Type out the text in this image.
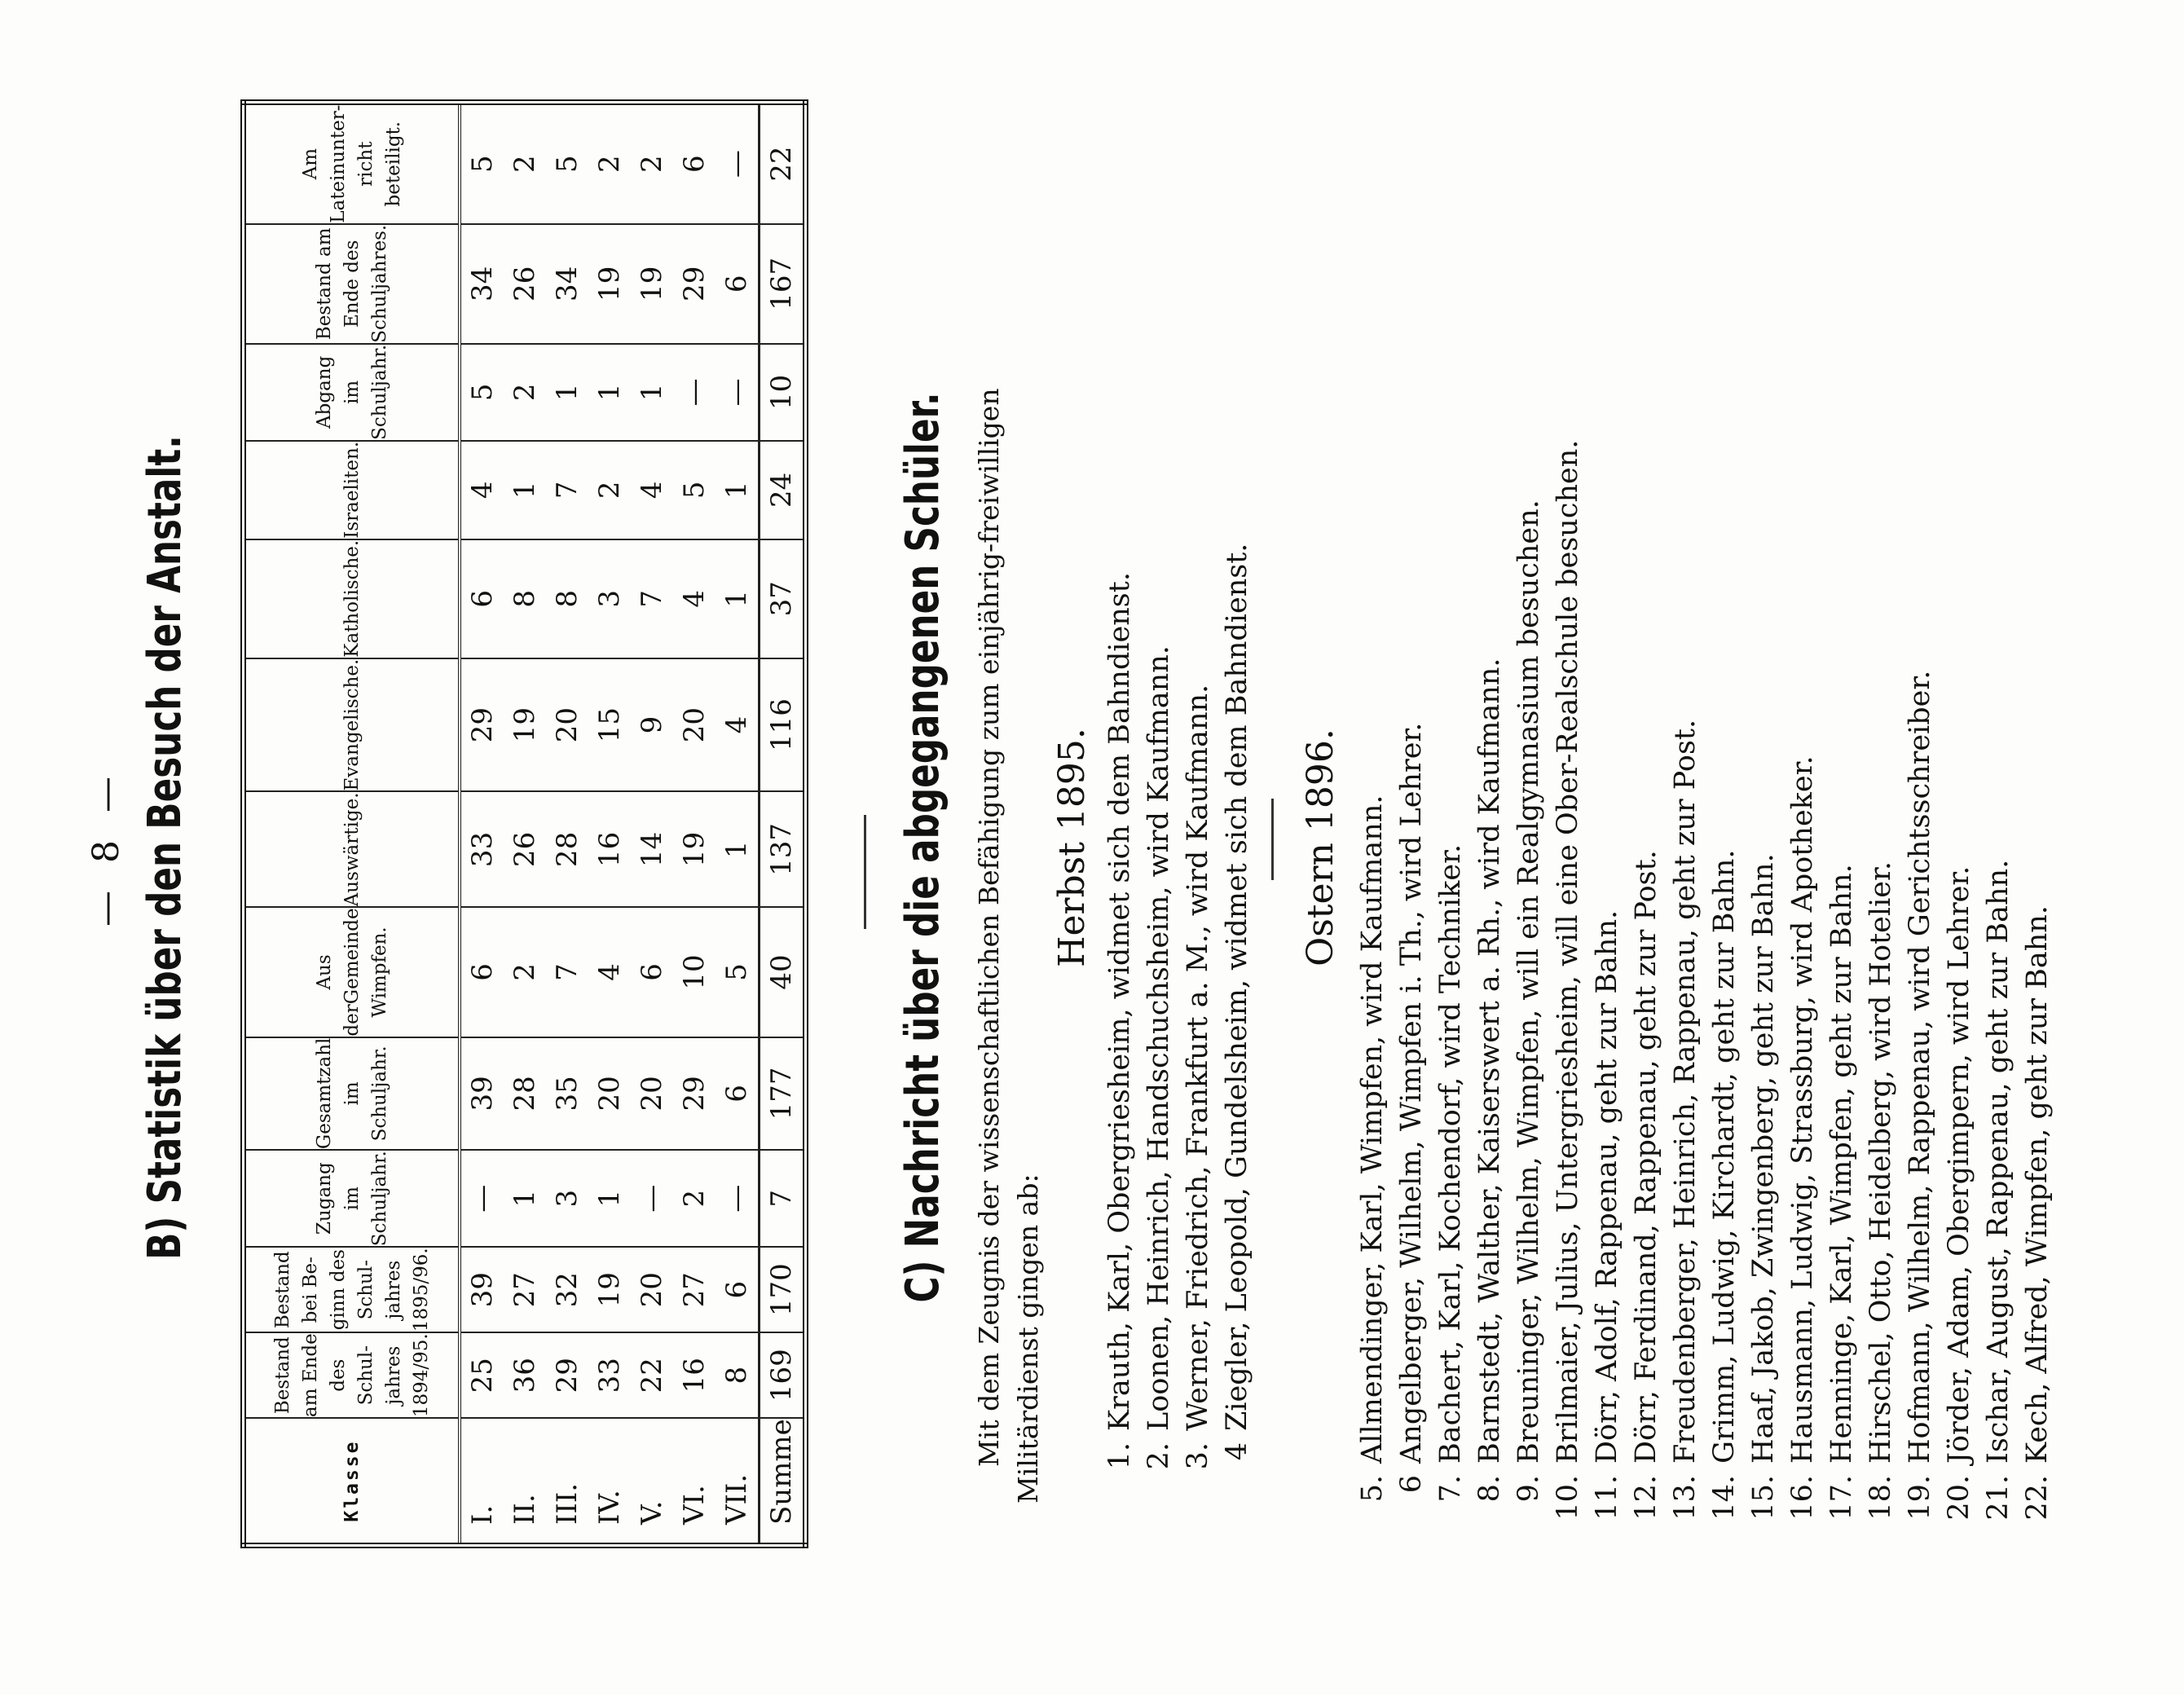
— 8 — B) Statistik über den Besuch der Anstalt.
Klasse	Bestand am Ende des Schul-jahres 1894/95.	Bestand bei Be-ginn des Schul-jahres 1895/96.	Zugang im Schuljahr.	Gesamtzahl im Schuljahr.	Aus derGemeinde Wimpfen.	Auswärtige.	Evangelische.	Katholische.	Israeliten.	Abgang im Schuljahr.	Bestand am Ende des Schuljahres.	Am Lateinunter-richt beteiligt.
I.	25	39	—	39	6	33	29	6	4	5	34	5
II.	36	27	1	28	2	26	19	8	1	2	26	2
III.	29	32	3	35	7	28	20	8	7	1	34	5
IV.	33	19	1	20	4	16	15	3	2	1	19	2
V.	22	20	—	20	6	14	9	7	4	1	19	2
VI.	16	27	2	29	10	19	20	4	5	—	29	6
VII.	8	6	—	6	5	1	4	1	1	—	6	—
Summe	169	170	7	177	40	137	116	37	24	10	167	22
C) Nachricht über die abgegangenen Schüler. Mit dem Zeugnis der wissenschaftlichen Befähigung zum einjährig-freiwilligen Militärdienst gingen ab:
Herbst 1895.
1.
Krauth, Karl, Obergriesheim, widmet sich dem Bahndienst.
2.
Loonen, Heinrich, Handschuchsheim, wird Kaufmann.
3.
Werner, Friedrich, Frankfurt a. M., wird Kaufmann.
4
Ziegler, Leopold, Gundelsheim, widmet sich dem Bahndienst. Ostern 1896.
5.
Allmendinger, Karl, Wimpfen, wird Kaufmann.
6
Angelberger, Wilhelm, Wimpfen i. Th., wird Lehrer.
7.
Bachert, Karl, Kochendorf, wird Techniker.
8.
Barnstedt, Walther, Kaiserswert a. Rh., wird Kaufmann.
9.
Breuninger, Wilhelm, Wimpfen, will ein Realgymnasium besuchen.
10.
Brilmaier, Julius, Untergriesheim, will eine Ober-Realschule besuchen.
11.
Dörr, Adolf, Rappenau, geht zur Bahn.
12.
Dörr, Ferdinand, Rappenau, geht zur Post.
13.
Freudenberger, Heinrich, Rappenau, geht zur Post.
14.
Grimm, Ludwig, Kirchardt, geht zur Bahn.
15.
Haaf, Jakob, Zwingenberg, geht zur Bahn.
16.
Hausmann, Ludwig, Strassburg, wird Apotheker.
17.
Henninge, Karl, Wimpfen, geht zur Bahn.
18.
Hirschel, Otto, Heidelberg, wird Hotelier.
19.
Hofmann, Wilhelm, Rappenau, wird Gerichtsschreiber.
20.
Jörder, Adam, Obergimpern, wird Lehrer.
21.
Ischar, August, Rappenau, geht zur Bahn.
22.
Kech, Alfred, Wimpfen, geht zur Bahn.
